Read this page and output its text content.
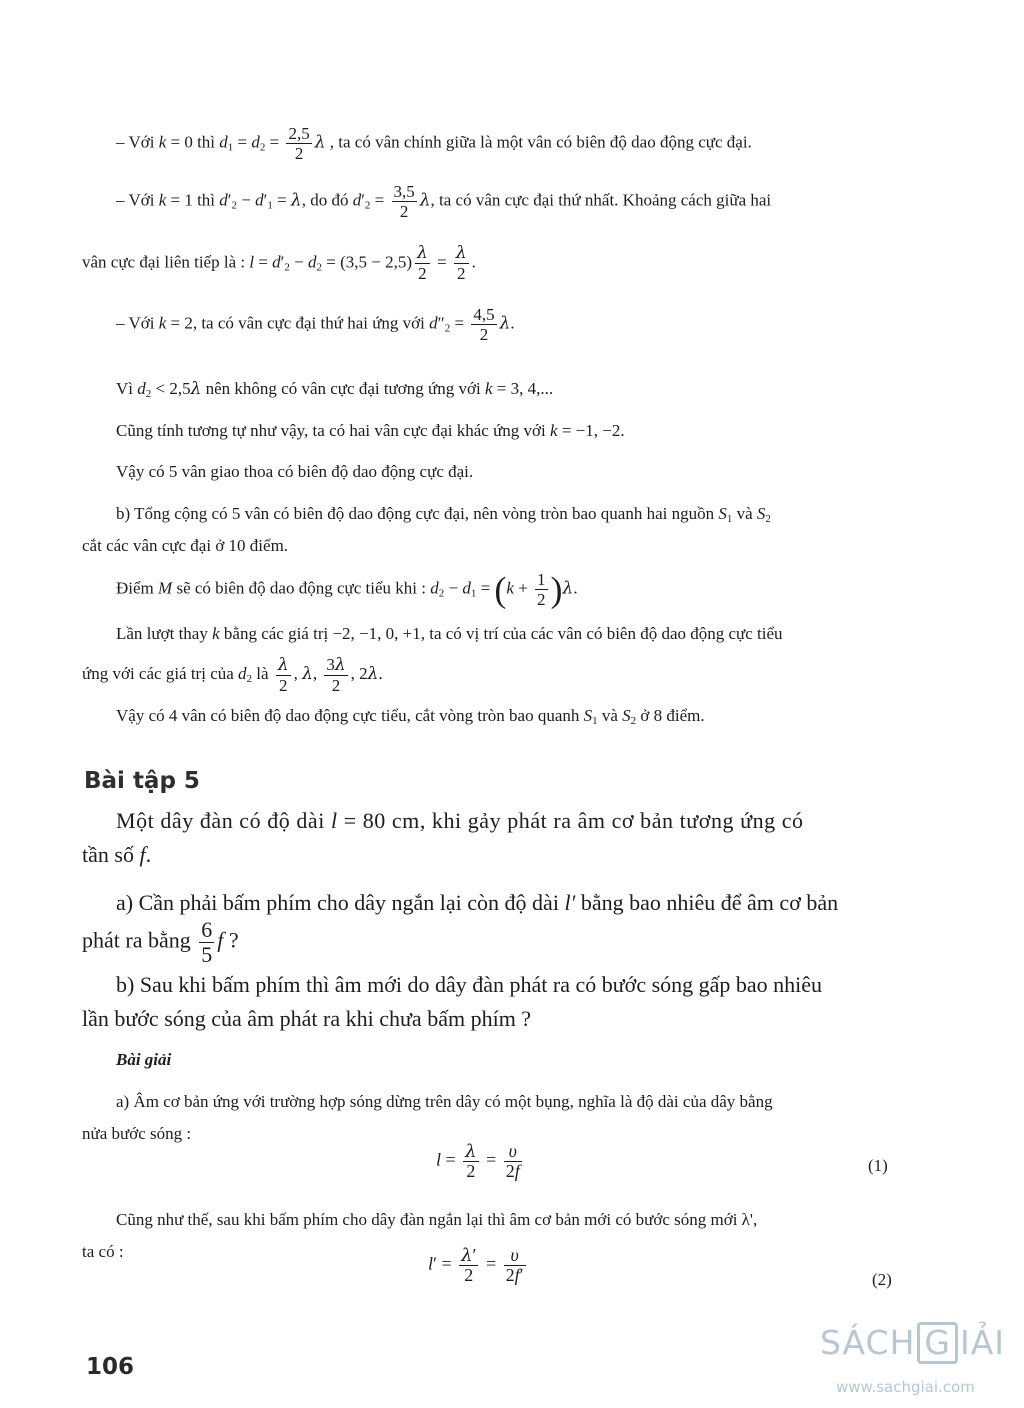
– Với k = 0 thì $d_1 = d_2 = \frac{2,5}{2}$ λ , ta có vân chính giữa là một vân có biên độ dao động cực đại.
– Với k = 1 thì $d'_2 - d'_1 = \lambda$, do đó $d'_2 = \frac{3,5}{2} \lambda$, ta có vân cực đại thứ nhất. Khoảng cách giữa hai
vân cực đại liên tiếp là : $l = d'_2 - d_2 = (3,5 - 2,5) \frac{\lambda}{2} = \frac{\lambda}{2}$ .
– Với k = 2, ta có vân cực đại thứ hai ứng với $d''_2 = \frac{4,5}{2} \lambda$.
Vì $d_2 < 2,5\lambda$ nên không có vân cực đại tương ứng với k = 3, 4,...
Cũng tính tương tự như vậy, ta có hai vân cực đại khác ứng với k = −1, −2.
Vậy có 5 vân giao thoa có biên độ dao động cực đại.
b) Tổng cộng có 5 vân có biên độ dao động cực đại, nên vòng tròn bao quanh hai nguồn $S_1$ và $S_2$
cắt các vân cực đại ở 10 điểm.
Điểm M sẽ có biên độ dao động cực tiểu khi : $d_2 - d_1 = (k + \frac{1}{2} )\lambda$.
Lần lượt thay k bằng các giá trị −2, −1, 0, +1, ta có vị trí của các vân có biên độ dao động cực tiểu
ứng với các giá trị của $d_2$ là $\frac{\lambda}{2}$ , λ, $\frac{3\lambda}{2}$ , 2λ.
Vậy có 4 vân có biên độ dao động cực tiểu, cắt vòng tròn bao quanh $S_1$ và $S_2$ ở 8 điểm.
Bài tập 5
Một dây đàn có độ dài l = 80 cm, khi gảy phát ra âm cơ bản tương ứng có
tần số f.
a) Cần phải bấm phím cho dây ngắn lại còn độ dài l′ bằng bao nhiêu để âm cơ bản
phát ra bằng $\frac{6}{5}$ f ?
b) Sau khi bấm phím thì âm mới do dây đàn phát ra có bước sóng gấp bao nhiêu
lần bước sóng của âm phát ra khi chưa bấm phím ?
Bài giải
a) Âm cơ bản ứng với trường hợp sóng dừng trên dây có một bụng, nghĩa là độ dài của dây bằng
nửa bước sóng :
$l = \frac{\lambda}{2} = \frac{\upsilon}{2f}$	(1)
Cũng như thế, sau khi bấm phím cho dây đàn ngắn lại thì âm cơ bản mới có bước sóng mới λ',
ta có :
$l' = \frac{\lambda'}{2} = \frac{\upsilon}{2f'}$	(2)
106
SÁCH G IẢI
www.sachgiai.com
